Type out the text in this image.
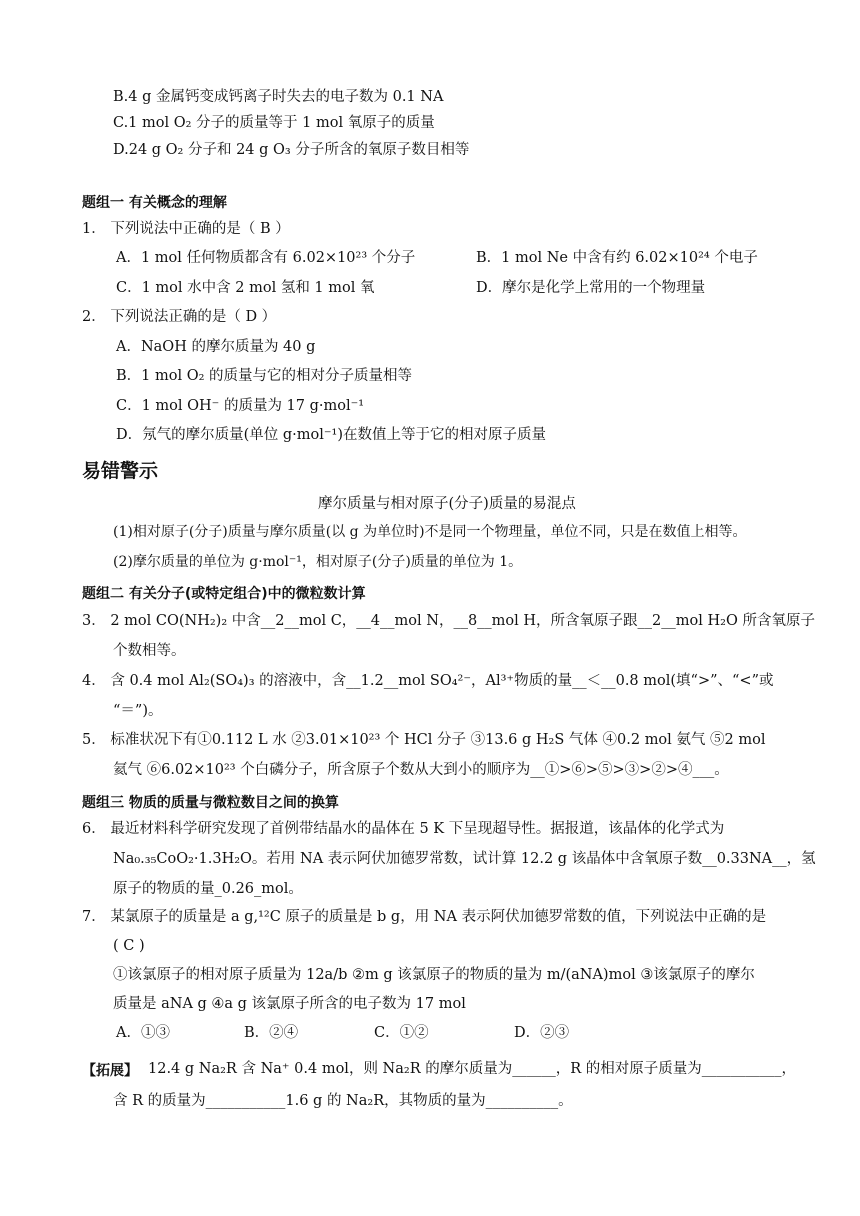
B.4 g 金属钙变成钙离子时失去的电子数为 0.1 NA
C.1 mol O₂ 分子的质量等于 1 mol 氧原子的质量
D.24 g O₂ 分子和 24 g O₃ 分子所含的氧原子数目相等
题组一 有关概念的理解
1． 下列说法中正确的是（ B ）
A．1 mol 任何物质都含有 6.02×10²³ 个分子	B．1 mol Ne 中含有约 6.02×10²⁴ 个电子
C．1 mol 水中含 2 mol 氢和 1 mol 氧	D．摩尔是化学上常用的一个物理量
2． 下列说法正确的是（ D ）
A．NaOH 的摩尔质量为 40 g
B．1 mol O₂ 的质量与它的相对分子质量相等
C．1 mol OH⁻ 的质量为 17 g·mol⁻¹
D．氖气的摩尔质量(单位 g·mol⁻¹)在数值上等于它的相对原子质量
易错警示
摩尔质量与相对原子(分子)质量的易混点
(1)相对原子(分子)质量与摩尔质量(以 g 为单位时)不是同一个物理量，单位不同，只是在数值上相等。
(2)摩尔质量的单位为 g·mol⁻¹，相对原子(分子)质量的单位为 1。
题组二 有关分子(或特定组合)中的微粒数计算
3． 2 mol CO(NH₂)₂ 中含__2__mol C，__4__mol N，__8__mol H，所含氧原子跟__2__mol H₂O 所含氧原子
个数相等。
4． 含 0.4 mol Al₂(SO₄)₃ 的溶液中，含__1.2__mol SO₄²⁻，Al³⁺物质的量__＜__0.8 mol(填“>”、“<”或
“＝”)。
5． 标准状况下有①0.112 L 水 ②3.01×10²³ 个 HCl 分子 ③13.6 g H₂S 气体 ④0.2 mol 氨气 ⑤2 mol
氦气 ⑥6.02×10²³ 个白磷分子，所含原子个数从大到小的顺序为__①>⑥>⑤>③>②>④___。
题组三 物质的质量与微粒数目之间的换算
6． 最近材料科学研究发现了首例带结晶水的晶体在 5 K 下呈现超导性。据报道，该晶体的化学式为
Na₀.₃₅CoO₂·1.3H₂O。若用 NA 表示阿伏加德罗常数，试计算 12.2 g 该晶体中含氧原子数__0.33NA__，氢
原子的物质的量_0.26_mol。
7． 某氯原子的质量是 a g,¹²C 原子的质量是 b g，用 NA 表示阿伏加德罗常数的值，下列说法中正确的是
( C )
①该氯原子的相对原子质量为 12a/b ②m g 该氯原子的物质的量为 m/(aNA)mol ③该氯原子的摩尔
质量是 aNA g ④a g 该氯原子所含的电子数为 17 mol
A．①③	B．②④	C．①②	D．②③
【拓展】 12.4 g Na₂R 含 Na⁺ 0.4 mol，则 Na₂R 的摩尔质量为______，R 的相对原子质量为___________，
含 R 的质量为___________1.6 g 的 Na₂R，其物质的量为__________。
